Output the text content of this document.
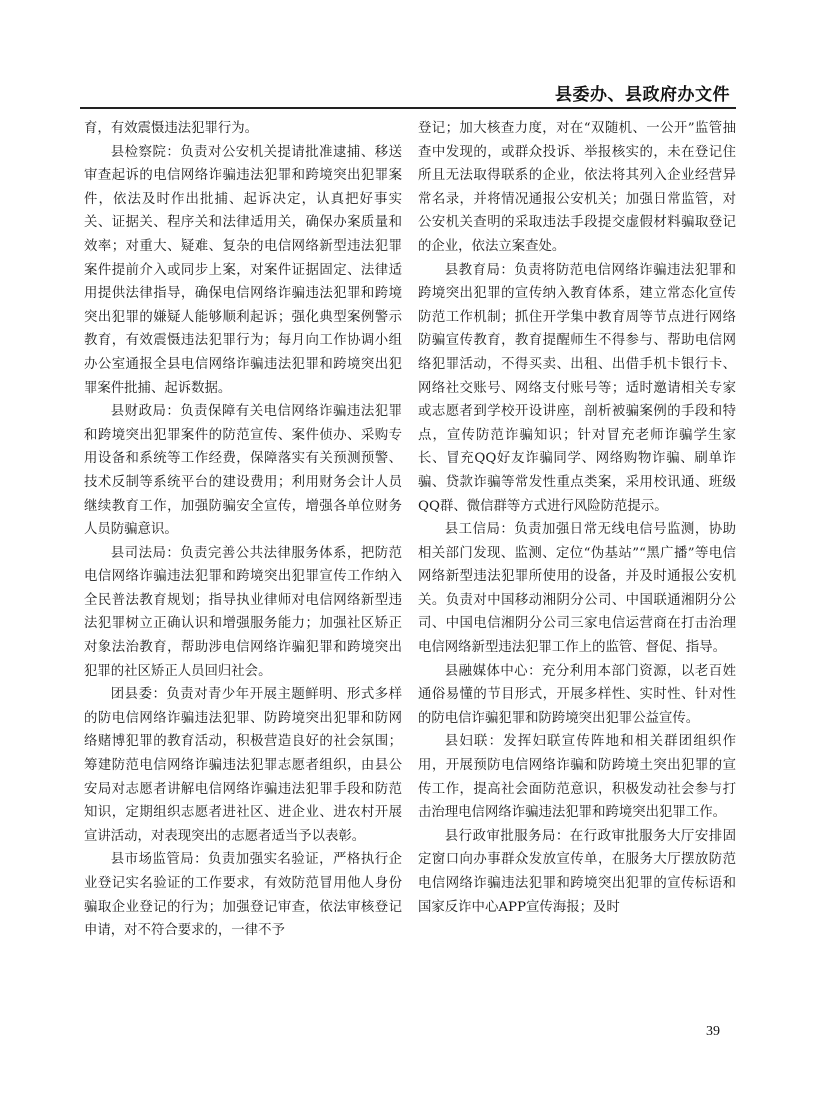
县委办、县政府办文件

育，有效震慑违法犯罪行为。

县检察院：负责对公安机关提请批准逮捕、移送审查起诉的电信网络诈骗违法犯罪和跨境突出犯罪案件，依法及时作出批捕、起诉决定，认真把好事实关、证据关、程序关和法律适用关，确保办案质量和效率；对重大、疑难、复杂的电信网络新型违法犯罪案件提前介入或同步上案，对案件证据固定、法律适用提供法律指导，确保电信网络诈骗违法犯罪和跨境突出犯罪的嫌疑人能够顺利起诉；强化典型案例警示教育，有效震慑违法犯罪行为；每月向工作协调小组办公室通报全县电信网络诈骗违法犯罪和跨境突出犯罪案件批捕、起诉数据。

县财政局：负责保障有关电信网络诈骗违法犯罪和跨境突出犯罪案件的防范宣传、案件侦办、采购专用设备和系统等工作经费，保障落实有关预测预警、技术反制等系统平台的建设费用；利用财务会计人员继续教育工作，加强防骗安全宣传，增强各单位财务人员防骗意识。

县司法局：负责完善公共法律服务体系，把防范电信网络诈骗违法犯罪和跨境突出犯罪宣传工作纳入全民普法教育规划；指导执业律师对电信网络新型违法犯罪树立正确认识和增强服务能力；加强社区矫正对象法治教育，帮助涉电信网络诈骗犯罪和跨境突出犯罪的社区矫正人员回归社会。

团县委：负责对青少年开展主题鲜明、形式多样的防电信网络诈骗违法犯罪、防跨境突出犯罪和防网络赌博犯罪的教育活动，积极营造良好的社会氛围；筹建防范电信网络诈骗违法犯罪志愿者组织，由县公安局对志愿者讲解电信网络诈骗违法犯罪手段和防范知识，定期组织志愿者进社区、进企业、进农村开展宣讲活动，对表现突出的志愿者适当予以表彰。

县市场监管局：负责加强实名验证，严格执行企业登记实名验证的工作要求，有效防范冒用他人身份骗取企业登记的行为；加强登记审查，依法审核登记申请，对不符合要求的，一律不予

登记；加大核查力度，对在“双随机、一公开”监管抽查中发现的，或群众投诉、举报核实的，未在登记住所且无法取得联系的企业，依法将其列入企业经营异常名录，并将情况通报公安机关；加强日常监管，对公安机关查明的采取违法手段提交虚假材料骗取登记的企业，依法立案查处。

县教育局：负责将防范电信网络诈骗违法犯罪和跨境突出犯罪的宣传纳入教育体系，建立常态化宣传防范工作机制；抓住开学集中教育周等节点进行网络防骗宣传教育，教育提醒师生不得参与、帮助电信网络犯罪活动，不得买卖、出租、出借手机卡银行卡、网络社交账号、网络支付账号等；适时邀请相关专家或志愿者到学校开设讲座，剖析被骗案例的手段和特点，宣传防范诈骗知识；针对冒充老师诈骗学生家长、冒充QQ好友诈骗同学、网络购物诈骗、刷单诈骗、贷款诈骗等常发性重点类案，采用校讯通、班级QQ群、微信群等方式进行风险防范提示。

县工信局：负责加强日常无线电信号监测，协助相关部门发现、监测、定位“伪基站”“黑广播”等电信网络新型违法犯罪所使用的设备，并及时通报公安机关。负责对中国移动湘阴分公司、中国联通湘阴分公司、中国电信湘阴分公司三家电信运营商在打击治理电信网络新型违法犯罪工作上的监管、督促、指导。

县融媒体中心：充分利用本部门资源，以老百姓通俗易懂的节目形式，开展多样性、实时性、针对性的防电信诈骗犯罪和防跨境突出犯罪公益宣传。

县妇联：发挥妇联宣传阵地和相关群团组织作用，开展预防电信网络诈骗和防跨境土突出犯罪的宣传工作，提高社会面防范意识，积极发动社会参与打击治理电信网络诈骗违法犯罪和跨境突出犯罪工作。

县行政审批服务局：在行政审批服务大厅安排固定窗口向办事群众发放宣传单，在服务大厅摆放防范电信网络诈骗违法犯罪和跨境突出犯罪的宣传标语和国家反诈中心APP宣传海报；及时

39
